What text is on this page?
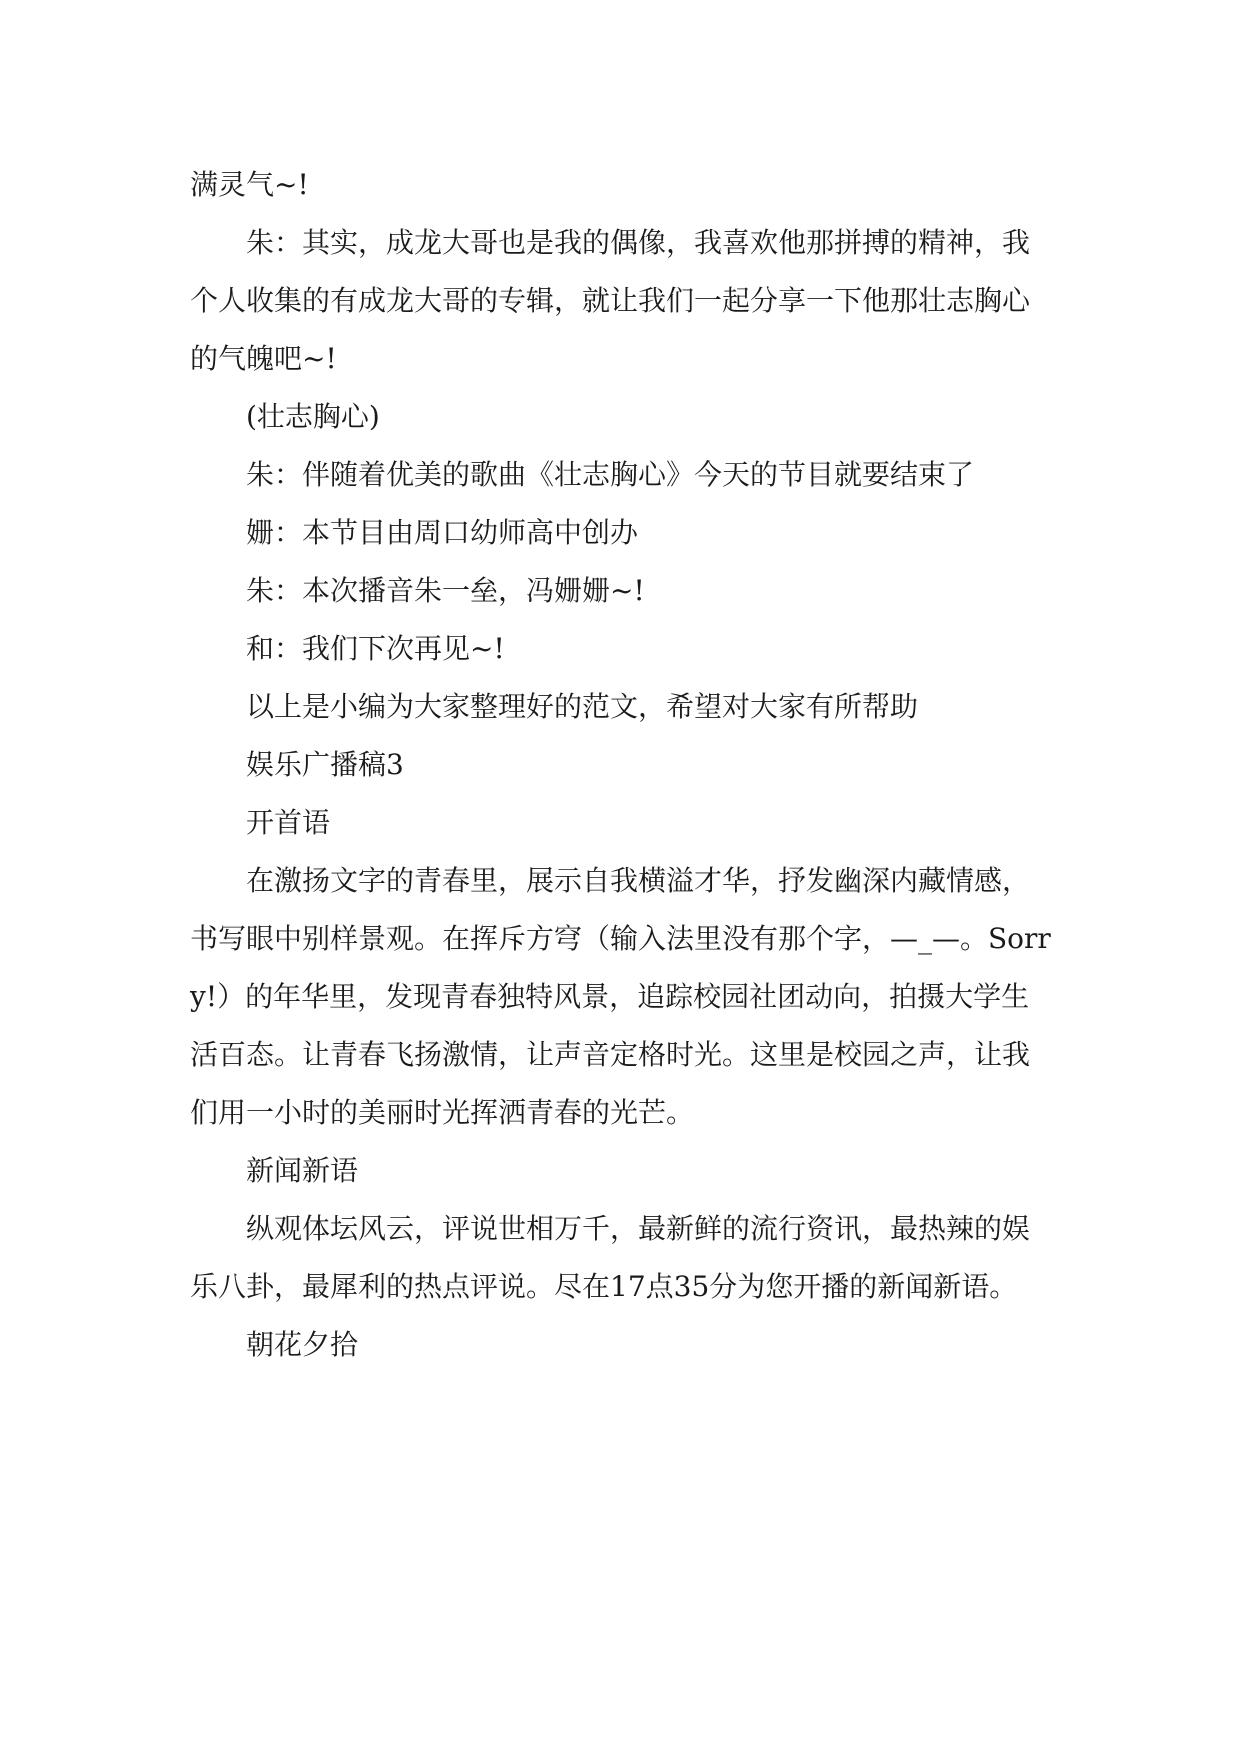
满灵气~!

朱：其实，成龙大哥也是我的偶像，我喜欢他那拼搏的精神，我个人收集的有成龙大哥的专辑，就让我们一起分享一下他那壮志胸心的气魄吧~!

(壮志胸心)

朱：伴随着优美的歌曲《壮志胸心》今天的节目就要结束了

姗：本节目由周口幼师高中创办

朱：本次播音朱一垒，冯姗姗~!

和：我们下次再见~!

以上是小编为大家整理好的范文，希望对大家有所帮助

娱乐广播稿3

开首语

在激扬文字的青春里，展示自我横溢才华，抒发幽深内藏情感，书写眼中别样景观。在挥斥方穹（输入法里没有那个字，—_—。Sorry!）的年华里，发现青春独特风景，追踪校园社团动向，拍摄大学生活百态。让青春飞扬激情，让声音定格时光。这里是校园之声，让我们用一小时的美丽时光挥洒青春的光芒。

新闻新语

纵观体坛风云，评说世相万千，最新鲜的流行资讯，最热辣的娱乐八卦，最犀利的热点评说。尽在17点35分为您开播的新闻新语。

朝花夕拾
